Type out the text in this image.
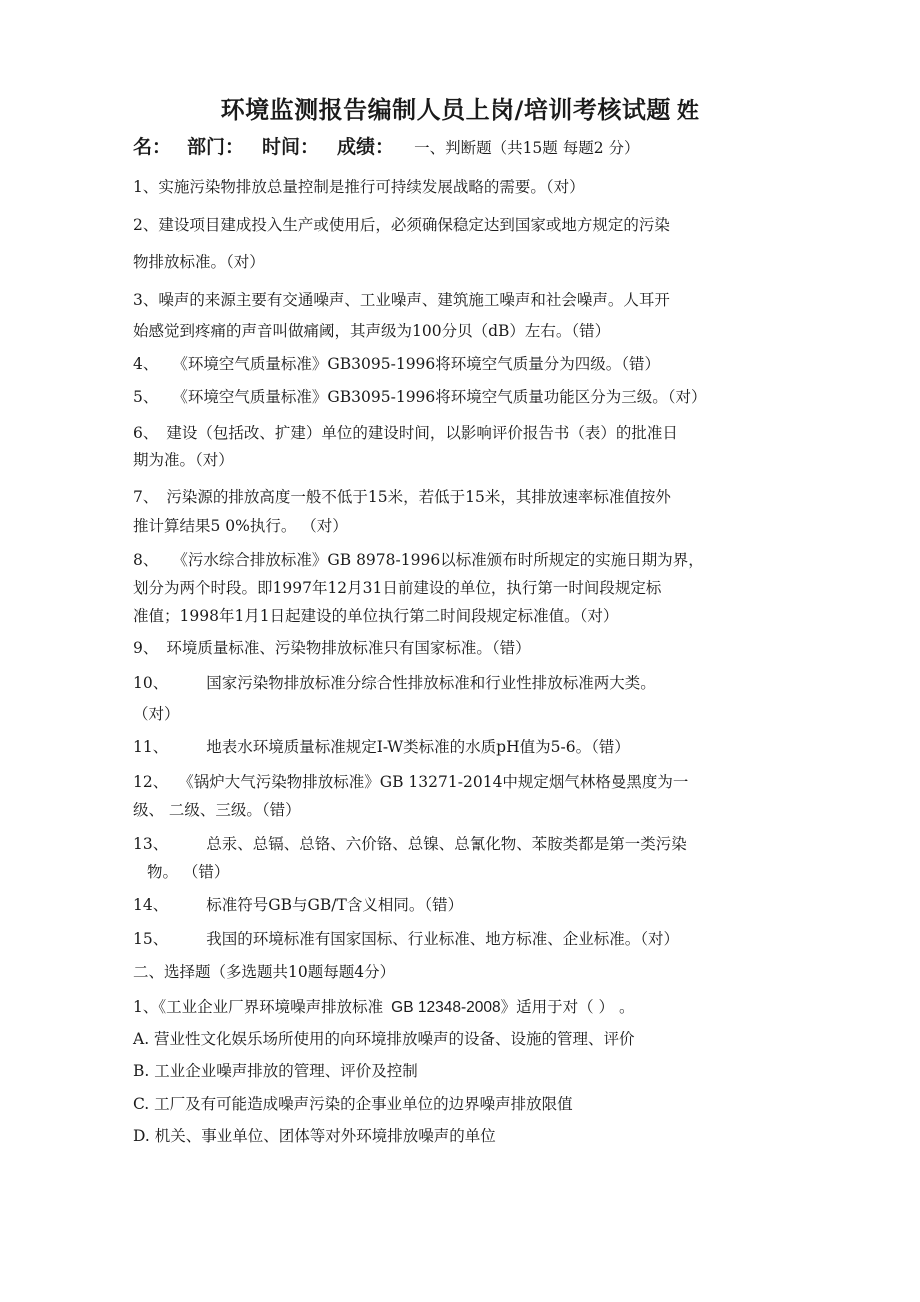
环境监测报告编制人员上岗/培训考核试题 姓
名： 部门： 时间： 成绩： 一、判断题（共15题 每题2 分）
1、实施污染物排放总量控制是推行可持续发展战略的需要。（对）
2、建设项目建成投入生产或使用后，必须确保稳定达到国家或地方规定的污染
物排放标准。（对）
3、噪声的来源主要有交通噪声、工业噪声、建筑施工噪声和社会噪声。人耳开
始感觉到疼痛的声音叫做痛阈，其声级为100分贝（dB）左右。（错）
4、 《环境空气质量标准》GB3095-1996将环境空气质量分为四级。（错）
5、 《环境空气质量标准》GB3095-1996将环境空气质量功能区分为三级。（对）
6、 建设（包括改、扩建）单位的建设时间，以影响评价报告书（表）的批准日
期为准。（对）
7、 污染源的排放高度一般不低于15米，若低于15米，其排放速率标准值按外
推计算结果5 0%执行。 （对）
8、 《污水综合排放标准》GB 8978-1996以标准颁布时所规定的实施日期为界，
划分为两个时段。即1997年12月31日前建设的单位，执行第一时间段规定标
准值；1998年1月1日起建设的单位执行第二时间段规定标准值。（对）
9、 环境质量标准、污染物排放标准只有国家标准。（错）
10、 国家污染物排放标准分综合性排放标准和行业性排放标准两大类。
（对）
11、 地表水环境质量标准规定I-W类标准的水质pH值为5-6。（错）
12、 《锅炉大气污染物排放标准》GB 13271-2014中规定烟气林格曼黑度为一
级、 二级、三级。（错）
13、 总汞、总镉、总铬、六价铬、总镍、总氰化物、苯胺类都是第一类污染
物。 （错）
14、 标准符号GB与GB/T含义相同。（错）
15、 我国的环境标准有国家国标、行业标准、地方标准、企业标准。（对）
二、选择题（多选题共10题每题4分）
1、《工业企业厂界环境噪声排放标准 GB 12348-2008》适用于对（ ） 。
A. 营业性文化娱乐场所使用的向环境排放噪声的设备、设施的管理、评价
B. 工业企业噪声排放的管理、评价及控制
C. 工厂及有可能造成噪声污染的企事业单位的边界噪声排放限值
D. 机关、事业单位、团体等对外环境排放噪声的单位
